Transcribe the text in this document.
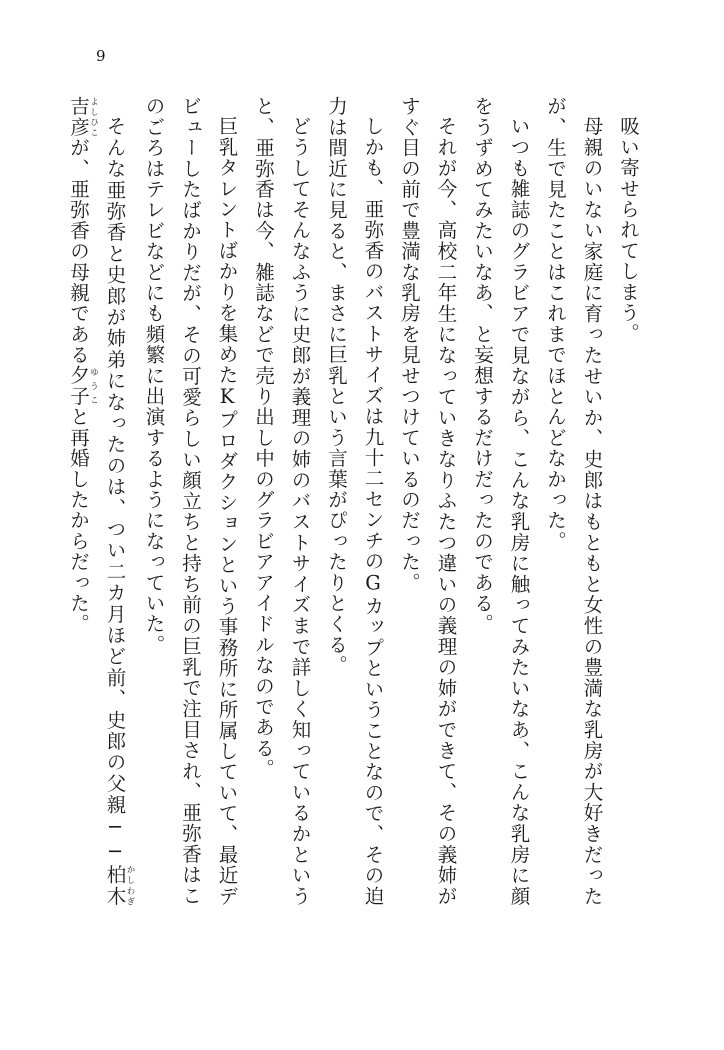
9

吸い寄せられてしまう。

母親のいない家庭に育ったせいか、史郎はもともと女性の豊満な乳房が大好きだったが、生で見たことはこれまでほとんどなかった。

いつも雑誌のグラビアで見ながら、こんな乳房に触ってみたいなあ、こんな乳房に顔をうずめてみたいなあ、と妄想するだけだったのである。

それが今、高校二年生になっていきなりふたつ違いの義理の姉ができて、その義姉がすぐ目の前で豊満な乳房を見せつけているのだった。

しかも、亜弥香のバストサイズは九十二センチのGカップということなので、その迫力は間近に見ると、まさに巨乳という言葉がぴったりとくる。

どうしてそんなふうに史郎が義理の姉のバストサイズまで詳しく知っているかというと、亜弥香は今、雑誌などで売り出し中のグラビアアイドルなのである。

巨乳タレントばかりを集めたKプロダクションという事務所に所属していて、最近デビューしたばかりだが、その可愛らしい顔立ちと持ち前の巨乳で注目され、亜弥香はこのごろはテレビなどにも頻繁に出演するようになっていた。

そんな亜弥香と史郎が姉弟になったのは、つい二カ月ほど前、史郎の父親──柏木かしわぎ吉彦よしひこが、亜弥香の母親である夕子ゆうこと再婚したからだった。
